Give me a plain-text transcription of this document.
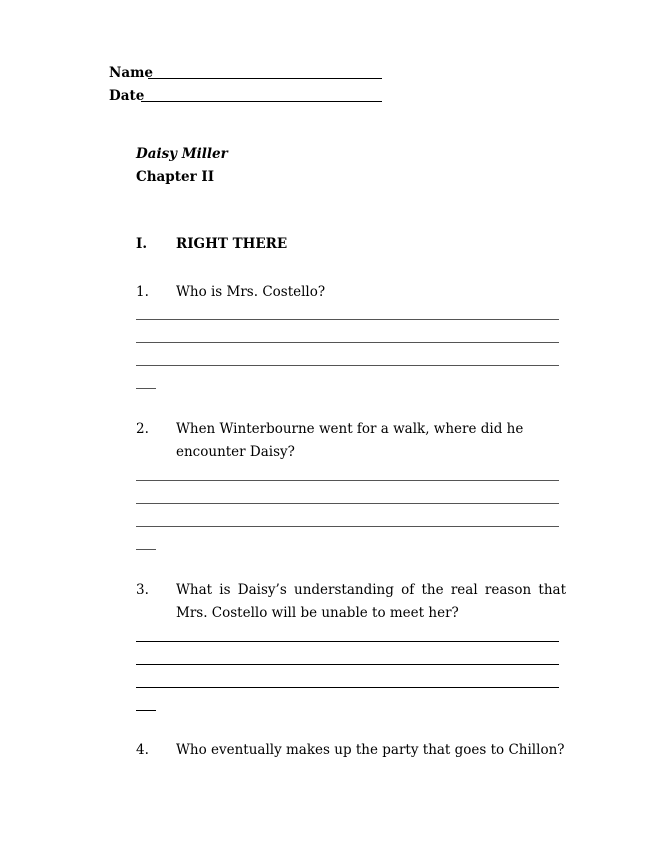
Name
Date
Daisy Miller
Chapter II
I. RIGHT THERE
1. Who is Mrs. Costello?
2. When Winterbourne went for a walk, where did he encounter Daisy?
3. What is Daisy’s understanding of the real reason that Mrs. Costello will be unable to meet her?
4. Who eventually makes up the party that goes to Chillon?
